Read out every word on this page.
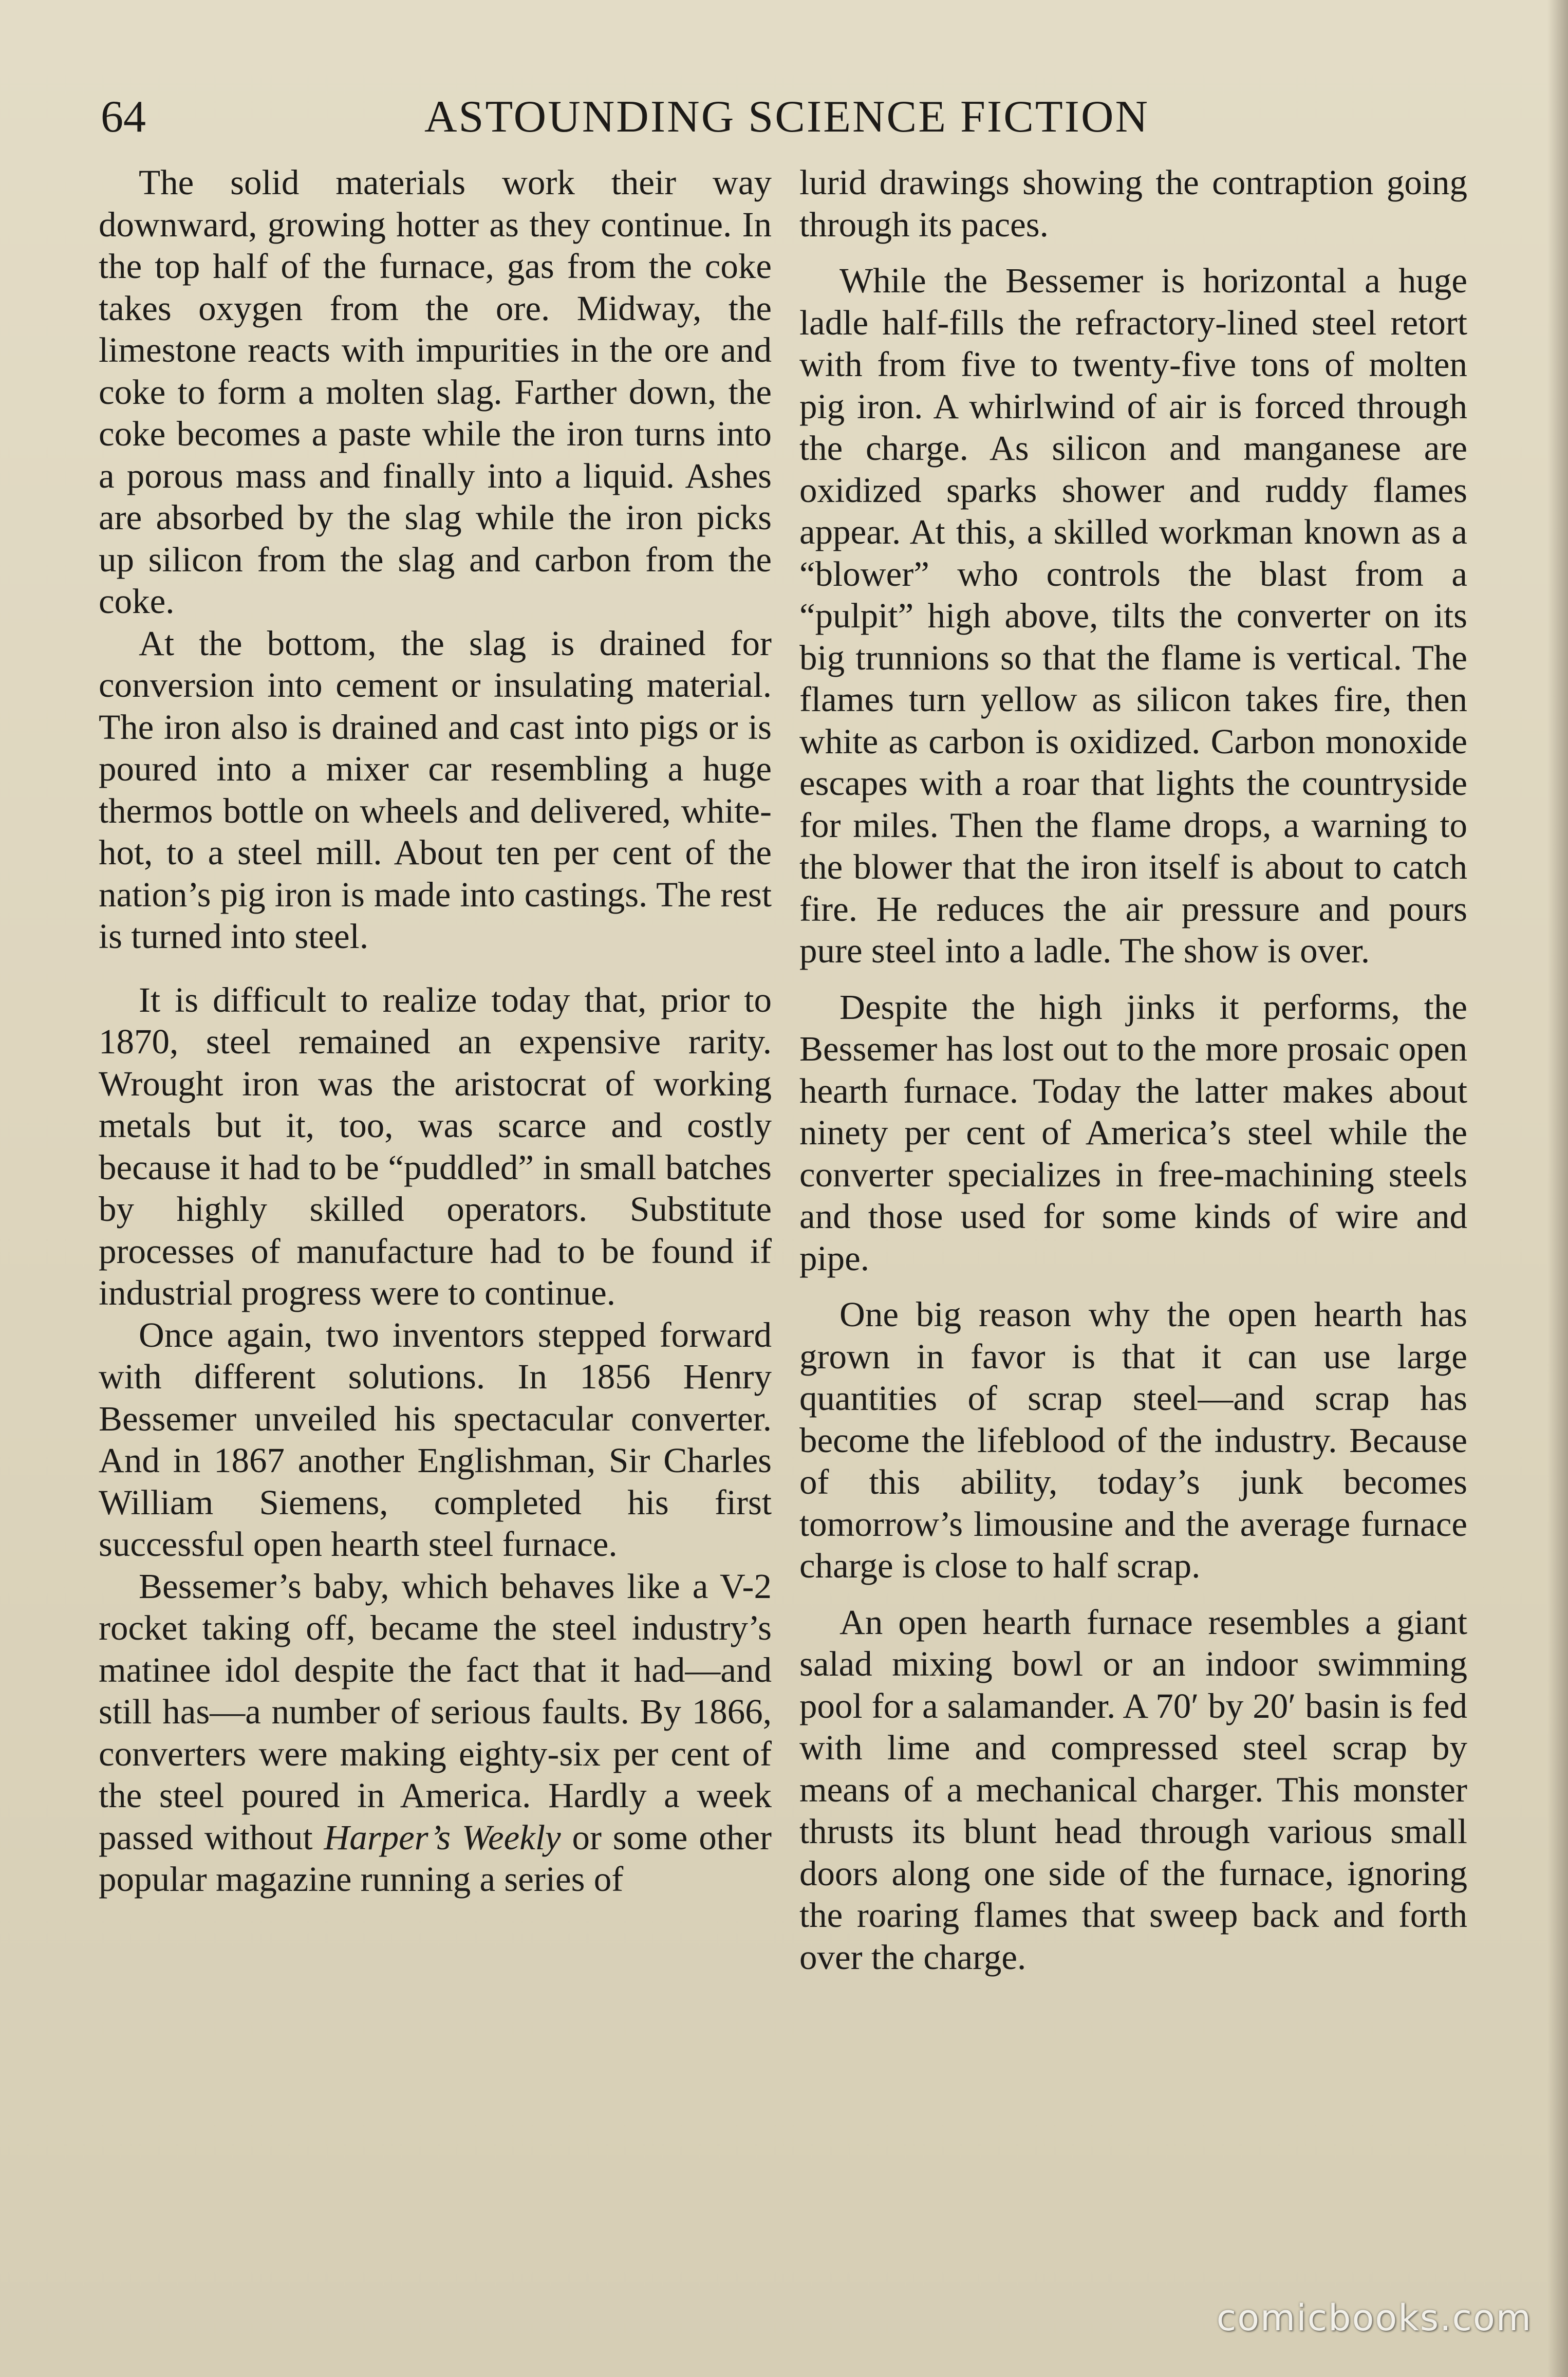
64	ASTOUNDING SCIENCE FICTION

The solid materials work their way downward, growing hotter as they continue. In the top half of the furnace, gas from the coke takes oxygen from the ore. Midway, the limestone reacts with impurities in the ore and coke to form a molten slag. Farther down, the coke becomes a paste while the iron turns into a porous mass and finally into a liquid. Ashes are absorbed by the slag while the iron picks up silicon from the slag and carbon from the coke.

At the bottom, the slag is drained for conversion into cement or insulating material. The iron also is drained and cast into pigs or is poured into a mixer car resembling a huge thermos bottle on wheels and delivered, white-hot, to a steel mill. About ten per cent of the nation’s pig iron is made into castings. The rest is turned into steel.

It is difficult to realize today that, prior to 1870, steel remained an expensive rarity. Wrought iron was the aristocrat of working metals but it, too, was scarce and costly because it had to be “puddled” in small batches by highly skilled operators. Substitute processes of manufacture had to be found if industrial progress were to continue.

Once again, two inventors stepped forward with different solutions. In 1856 Henry Bessemer unveiled his spectacular converter. And in 1867 another Englishman, Sir Charles William Siemens, completed his first successful open hearth steel furnace.

Bessemer’s baby, which behaves like a V-2 rocket taking off, became the steel industry’s matinee idol despite the fact that it had—and still has—a number of serious faults. By 1866, converters were making eighty-six per cent of the steel poured in America. Hardly a week passed without Harper’s Weekly or some other popular magazine running a series of

lurid drawings showing the contraption going through its paces.

While the Bessemer is horizontal a huge ladle half-fills the refractory-lined steel retort with from five to twenty-five tons of molten pig iron. A whirlwind of air is forced through the charge. As silicon and manganese are oxidized sparks shower and ruddy flames appear. At this, a skilled workman known as a “blower” who controls the blast from a “pulpit” high above, tilts the converter on its big trunnions so that the flame is vertical. The flames turn yellow as silicon takes fire, then white as carbon is oxidized. Carbon monoxide escapes with a roar that lights the countryside for miles. Then the flame drops, a warning to the blower that the iron itself is about to catch fire. He reduces the air pressure and pours pure steel into a ladle. The show is over.

Despite the high jinks it performs, the Bessemer has lost out to the more prosaic open hearth furnace. Today the latter makes about ninety per cent of America’s steel while the converter specializes in free-machining steels and those used for some kinds of wire and pipe.

One big reason why the open hearth has grown in favor is that it can use large quantities of scrap steel—and scrap has become the lifeblood of the industry. Because of this ability, today’s junk becomes tomorrow’s limousine and the average furnace charge is close to half scrap.

An open hearth furnace resembles a giant salad mixing bowl or an indoor swimming pool for a salamander. A 70′ by 20′ basin is fed with lime and compressed steel scrap by means of a mechanical charger. This monster thrusts its blunt head through various small doors along one side of the furnace, ignoring the roaring flames that sweep back and forth over the charge.

comicbooks.com
